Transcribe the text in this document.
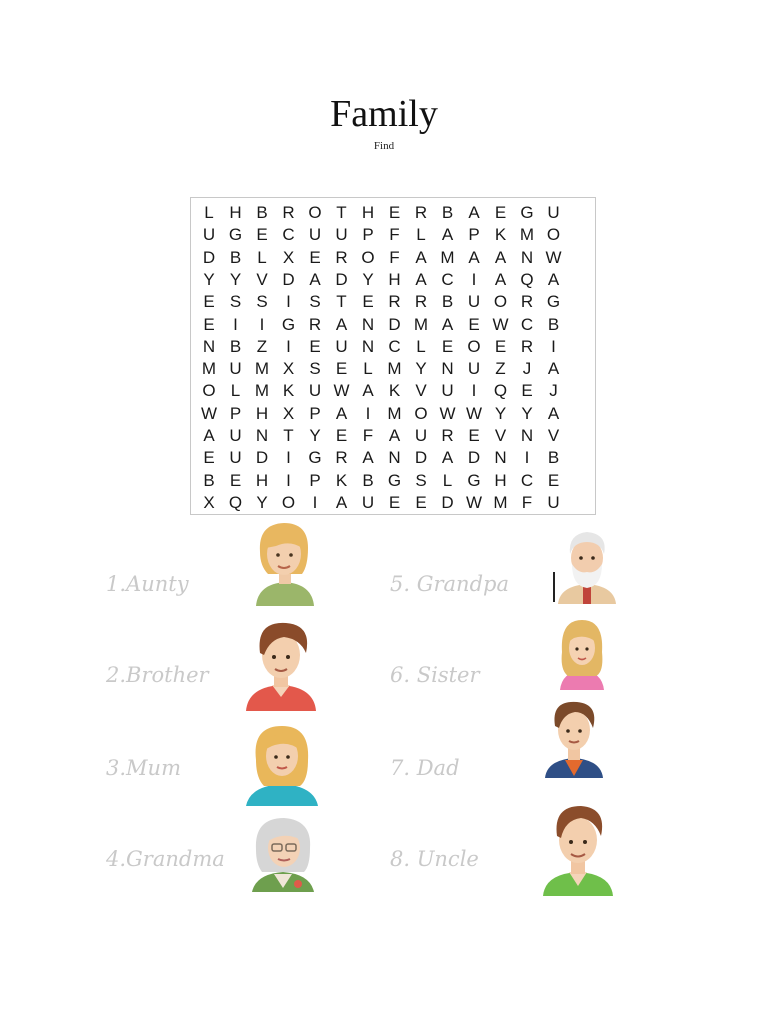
Family
Find
L H B R O T H E R B A E G U
U G E C U U P F L A P K M O
D B L X E R O F A M A A N W
Y Y V D A D Y H A C	I	A Q A
E S S	I	S T E R R B U O R G
E	I	I	G R A N D M A E W C B
N B Z	I	E U N C L E O E R	I
M U M X S E L M Y N U Z	J A
O L M K U W A K V U	I	Q E J
W P H X P A	I	M O W W Y Y A
A U N T Y E F A U R E V N V
E U D	I	G R A N D A D N	I	B
B E H	I	P K B G S L G H C E
X Q Y O	I	A U E E D W M F U
1.Aunty
2.Brother
3.Mum
4.Grandma
5. Grandpa
6. Sister
7. Dad
8. Uncle
